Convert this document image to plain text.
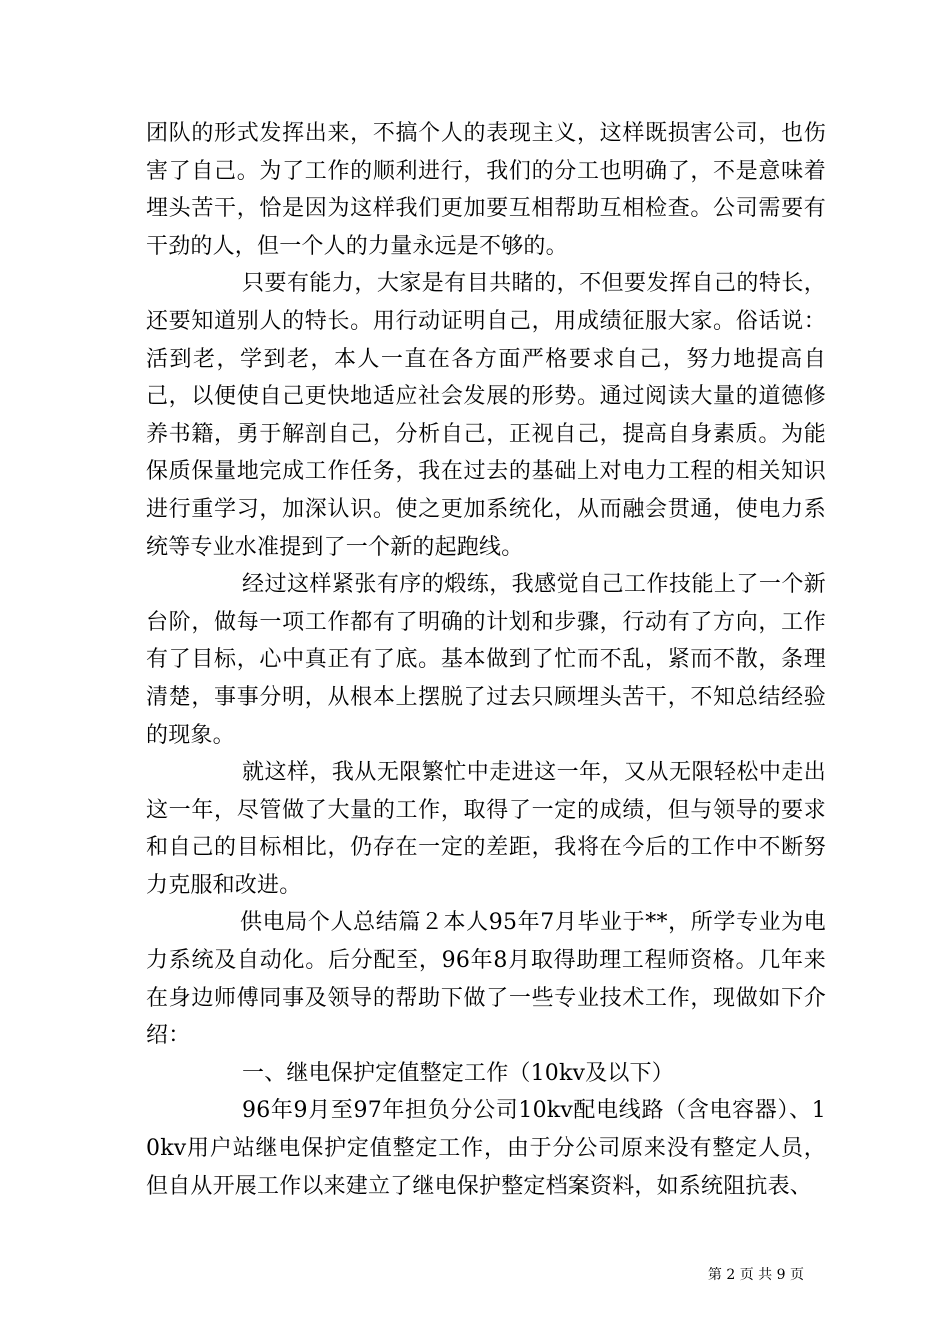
团队的形式发挥出来，不搞个人的表现主义，这样既损害公司，也伤害了自己。为了工作的顺利进行，我们的分工也明确了，不是意味着埋头苦干，恰是因为这样我们更加要互相帮助互相检查。公司需要有干劲的人，但一个人的力量永远是不够的。

只要有能力，大家是有目共睹的，不但要发挥自己的特长，还要知道别人的特长。用行动证明自己，用成绩征服大家。俗话说：活到老，学到老，本人一直在各方面严格要求自己，努力地提高自己，以便使自己更快地适应社会发展的形势。通过阅读大量的道德修养书籍，勇于解剖自己，分析自己，正视自己，提高自身素质。为能保质保量地完成工作任务，我在过去的基础上对电力工程的相关知识进行重学习，加深认识。使之更加系统化，从而融会贯通，使电力系统等专业水准提到了一个新的起跑线。

经过这样紧张有序的煅练，我感觉自己工作技能上了一个新台阶，做每一项工作都有了明确的计划和步骤，行动有了方向，工作有了目标，心中真正有了底。基本做到了忙而不乱，紧而不散，条理清楚，事事分明，从根本上摆脱了过去只顾埋头苦干，不知总结经验的现象。

就这样，我从无限繁忙中走进这一年，又从无限轻松中走出这一年，尽管做了大量的工作，取得了一定的成绩，但与领导的要求和自己的目标相比，仍存在一定的差距，我将在今后的工作中不断努力克服和改进。

供电局个人总结篇２本人95年7月毕业于**，所学专业为电力系统及自动化。后分配至，96年8月取得助理工程师资格。几年来在身边师傅同事及领导的帮助下做了一些专业技术工作，现做如下介绍：

一、继电保护定值整定工作（10kv及以下）

96年9月至97年担负分公司10kv配电线路（含电容器）、10kv用户站继电保护定值整定工作，由于分公司原来没有整定人员，但自从开展工作以来建立了继电保护整定档案资料，如系统阻抗表、

第 2 页 共 9 页
